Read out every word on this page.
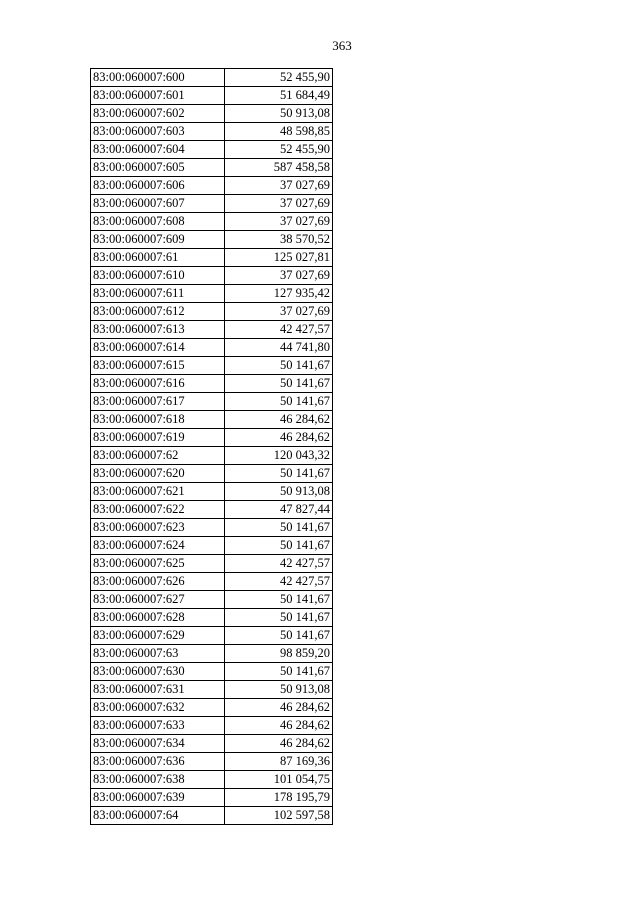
363
83:00:060007:600	52 455,90
83:00:060007:601	51 684,49
83:00:060007:602	50 913,08
83:00:060007:603	48 598,85
83:00:060007:604	52 455,90
83:00:060007:605	587 458,58
83:00:060007:606	37 027,69
83:00:060007:607	37 027,69
83:00:060007:608	37 027,69
83:00:060007:609	38 570,52
83:00:060007:61	125 027,81
83:00:060007:610	37 027,69
83:00:060007:611	127 935,42
83:00:060007:612	37 027,69
83:00:060007:613	42 427,57
83:00:060007:614	44 741,80
83:00:060007:615	50 141,67
83:00:060007:616	50 141,67
83:00:060007:617	50 141,67
83:00:060007:618	46 284,62
83:00:060007:619	46 284,62
83:00:060007:62	120 043,32
83:00:060007:620	50 141,67
83:00:060007:621	50 913,08
83:00:060007:622	47 827,44
83:00:060007:623	50 141,67
83:00:060007:624	50 141,67
83:00:060007:625	42 427,57
83:00:060007:626	42 427,57
83:00:060007:627	50 141,67
83:00:060007:628	50 141,67
83:00:060007:629	50 141,67
83:00:060007:63	98 859,20
83:00:060007:630	50 141,67
83:00:060007:631	50 913,08
83:00:060007:632	46 284,62
83:00:060007:633	46 284,62
83:00:060007:634	46 284,62
83:00:060007:636	87 169,36
83:00:060007:638	101 054,75
83:00:060007:639	178 195,79
83:00:060007:64	102 597,58
